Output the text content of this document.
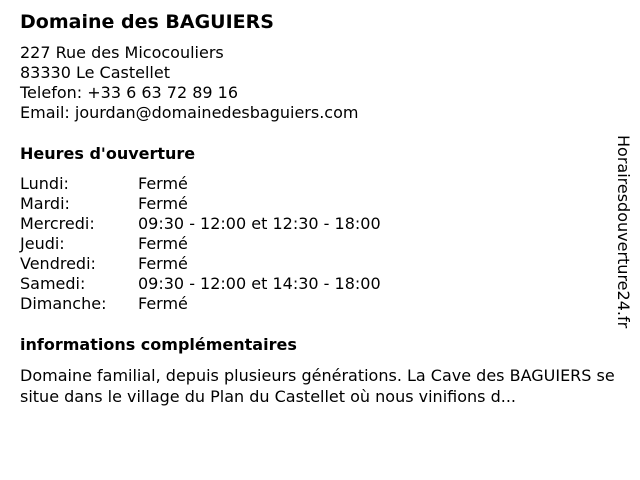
Domaine des BAGUIERS
227 Rue des Micocouliers
83330 Le Castellet
Telefon: +33 6 63 72 89 16
Email: jourdan@domainedesbaguiers.com
Heures d'ouverture
Lundi:	Fermé
Mardi:	Fermé
Mercredi:	09:30 - 12:00 et 12:30 - 18:00
Jeudi:	Fermé
Vendredi:	Fermé
Samedi:	09:30 - 12:00 et 14:30 - 18:00
Dimanche:	Fermé
informations complémentaires
Domaine familial, depuis plusieurs générations. La Cave des BAGUIERS se situe dans le village du Plan du Castellet où nous vinifions d...
Horairesdouverture24.fr
